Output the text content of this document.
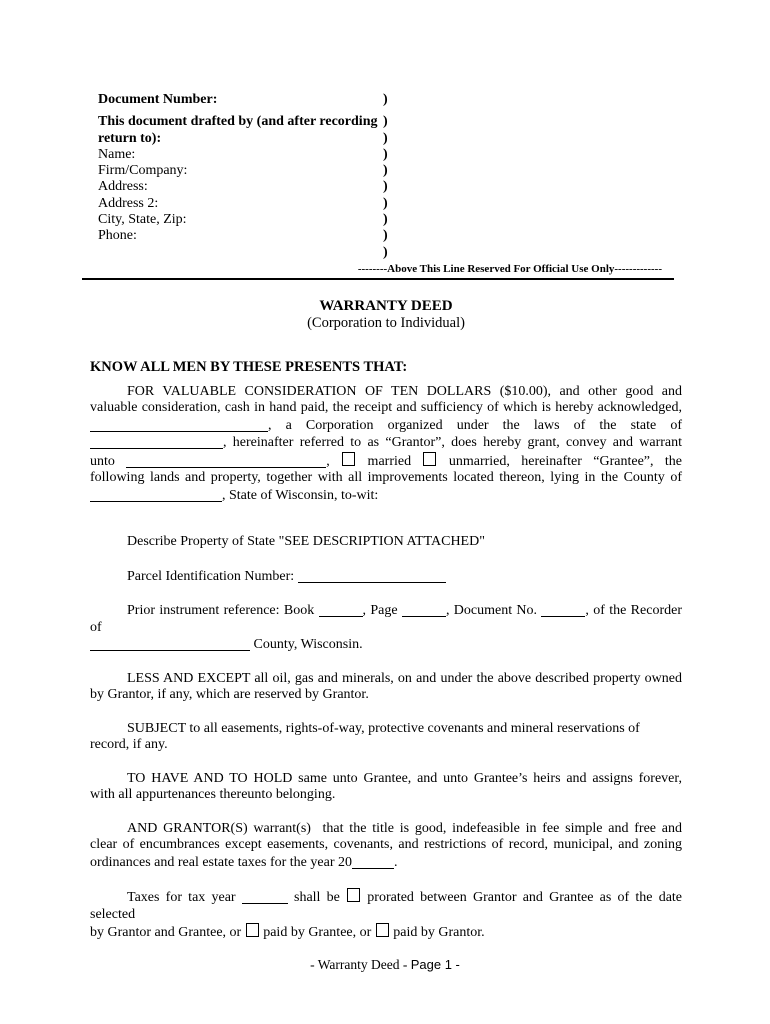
Document Number:	)
This document drafted by (and after recording )
return to):	)
Name:	)
Firm/Company:	)
Address:	)
Address 2:	)
City, State, Zip:	)
Phone:	)
)
--------Above This Line Reserved For Official Use Only-------------
WARRANTY DEED
(Corporation to Individual)
KNOW ALL MEN BY THESE PRESENTS THAT:
FOR VALUABLE CONSIDERATION OF TEN DOLLARS ($10.00), and other good and
valuable consideration, cash in hand paid, the receipt and sufficiency of which is hereby acknowledged,
, a Corporation organized under the laws of the state of
, hereinafter referred to as “Grantor”, does hereby grant, convey and warrant
unto	,  married  unmarried, hereinafter “Grantee”, the
following lands and property, together with all improvements located thereon, lying in the County of
, State of Wisconsin, to-wit:
Describe Property of State "SEE DESCRIPTION ATTACHED"
Parcel Identification Number:
Prior instrument reference: Book	, Page	, Document No.	, of the Recorder of
County, Wisconsin.
LESS AND EXCEPT all oil, gas and minerals, on and under the above described property owned
by Grantor, if any, which are reserved by Grantor.
SUBJECT to all easements, rights-of-way, protective covenants and mineral reservations of
record, if any.
TO HAVE AND TO HOLD same unto Grantee, and unto Grantee’s heirs and assigns forever,
with all appurtenances thereunto belonging.
AND GRANTOR(S) warrant(s)  that the title is good, indefeasible in fee simple and free and
clear of encumbrances except easements, covenants, and restrictions of record, municipal, and zoning
ordinances and real estate taxes for the year 20	.
Taxes for tax year	shall be  prorated between Grantor and Grantee as of the date selected
by Grantor and Grantee, or  paid by Grantee, or  paid by Grantor.
- Warranty Deed - Page 1 -
